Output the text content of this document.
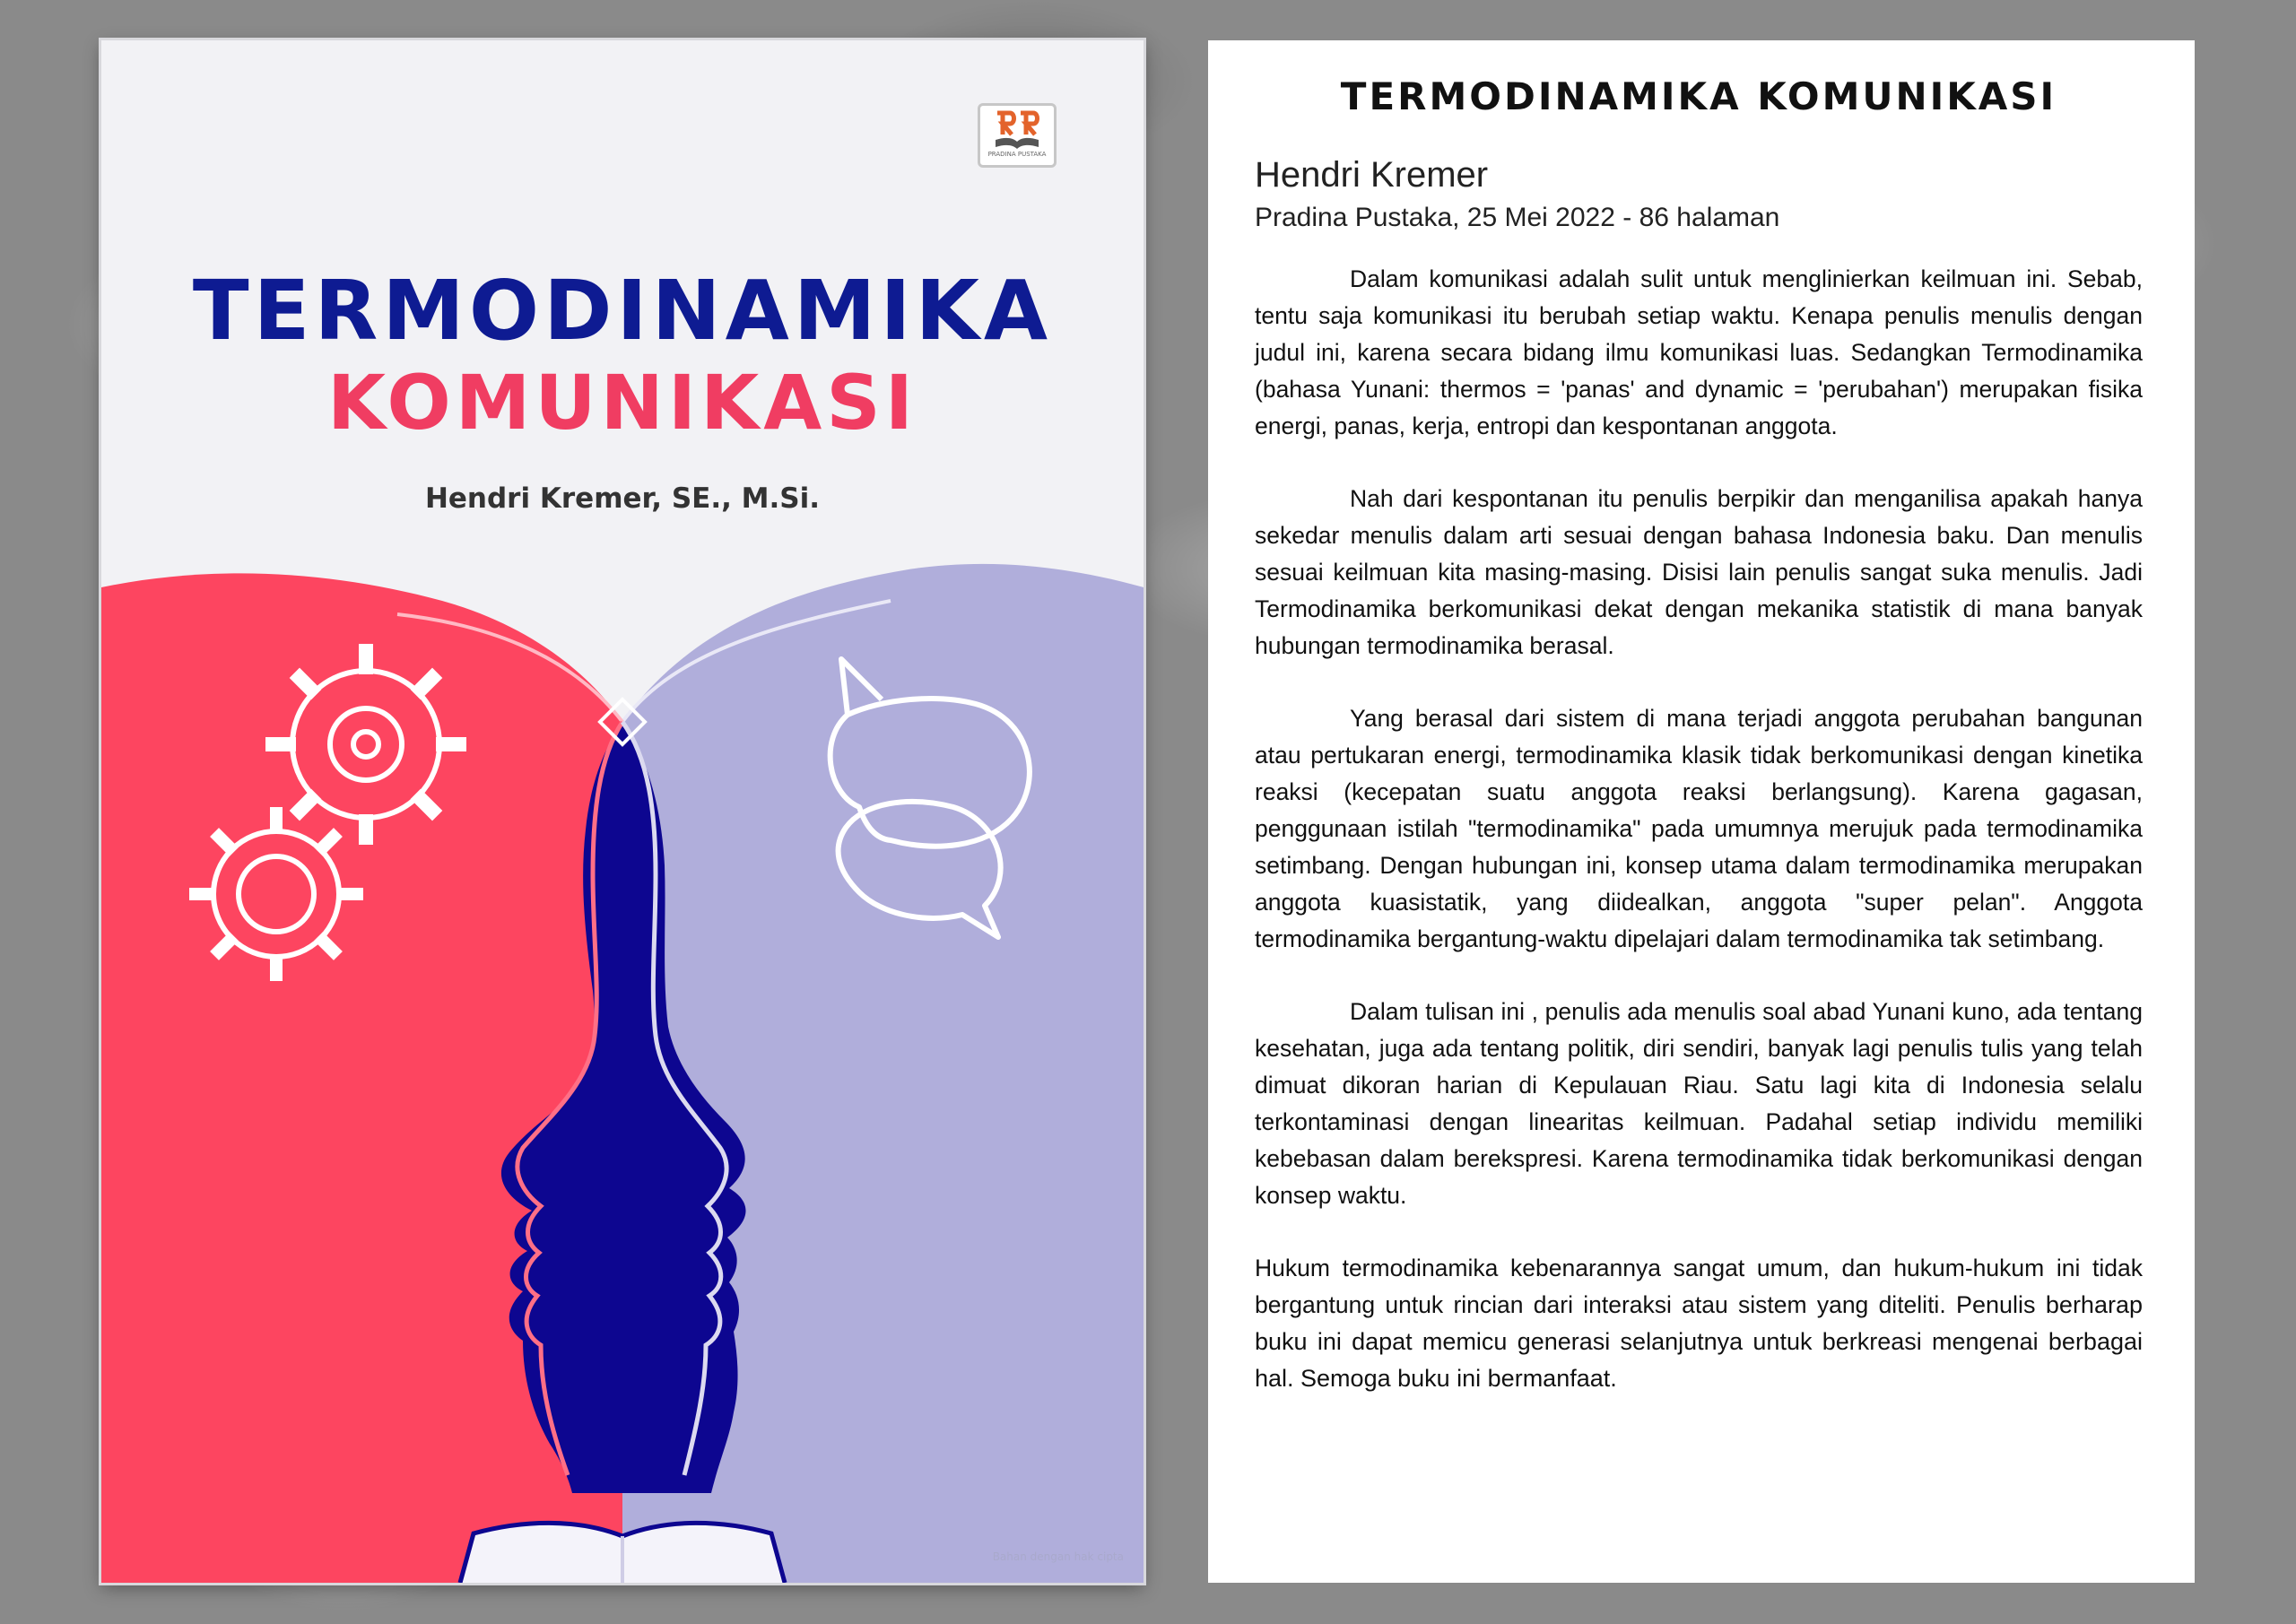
PRADINA PUSTAKA
TERMODINAMIKA
KOMUNIKASI
Hendri Kremer, SE., M.Si.
Bahan dengan hak cipta
TERMODINAMIKA KOMUNIKASI
Hendri Kremer
Pradina Pustaka, 25 Mei 2022 - 86 halaman

Dalam komunikasi adalah sulit untuk menglinierkan keilmuan ini. Sebab, tentu saja komunikasi itu berubah setiap waktu. Kenapa penulis menulis dengan judul ini, karena secara bidang ilmu komunikasi luas. Sedangkan Termodinamika (bahasa Yunani: thermos = 'panas' and dynamic = 'perubahan') merupakan fisika energi, panas, kerja, entropi dan kespontanan anggota.

Nah dari kespontanan itu penulis berpikir dan menganilisa apakah hanya sekedar menulis dalam arti sesuai dengan bahasa Indonesia baku. Dan menulis sesuai keilmuan kita masing-masing. Disisi lain penulis sangat suka menulis. Jadi Termodinamika berkomunikasi dekat dengan mekanika statistik di mana banyak hubungan termodinamika berasal.

Yang berasal dari sistem di mana terjadi anggota perubahan bangunan atau pertukaran energi, termodinamika klasik tidak berkomunikasi dengan kinetika reaksi (kecepatan suatu anggota reaksi berlangsung). Karena gagasan, penggunaan istilah "termodinamika" pada umumnya merujuk pada termodinamika setimbang. Dengan hubungan ini, konsep utama dalam termodinamika merupakan anggota kuasistatik, yang diidealkan, anggota "super pelan". Anggota termodinamika bergantung-waktu dipelajari dalam termodinamika tak setimbang.

Dalam tulisan ini , penulis ada menulis soal abad Yunani kuno, ada tentang kesehatan, juga ada tentang politik, diri sendiri, banyak lagi penulis tulis yang telah dimuat dikoran harian di Kepulauan Riau. Satu lagi kita di Indonesia selalu terkontaminasi dengan linearitas keilmuan. Padahal setiap individu memiliki kebebasan dalam berekspresi. Karena termodinamika tidak berkomunikasi dengan konsep waktu.

Hukum termodinamika kebenarannya sangat umum, dan hukum-hukum ini tidak bergantung untuk rincian dari interaksi atau sistem yang diteliti. Penulis berharap buku ini dapat memicu generasi selanjutnya untuk berkreasi mengenai berbagai hal. Semoga buku ini bermanfaat.
